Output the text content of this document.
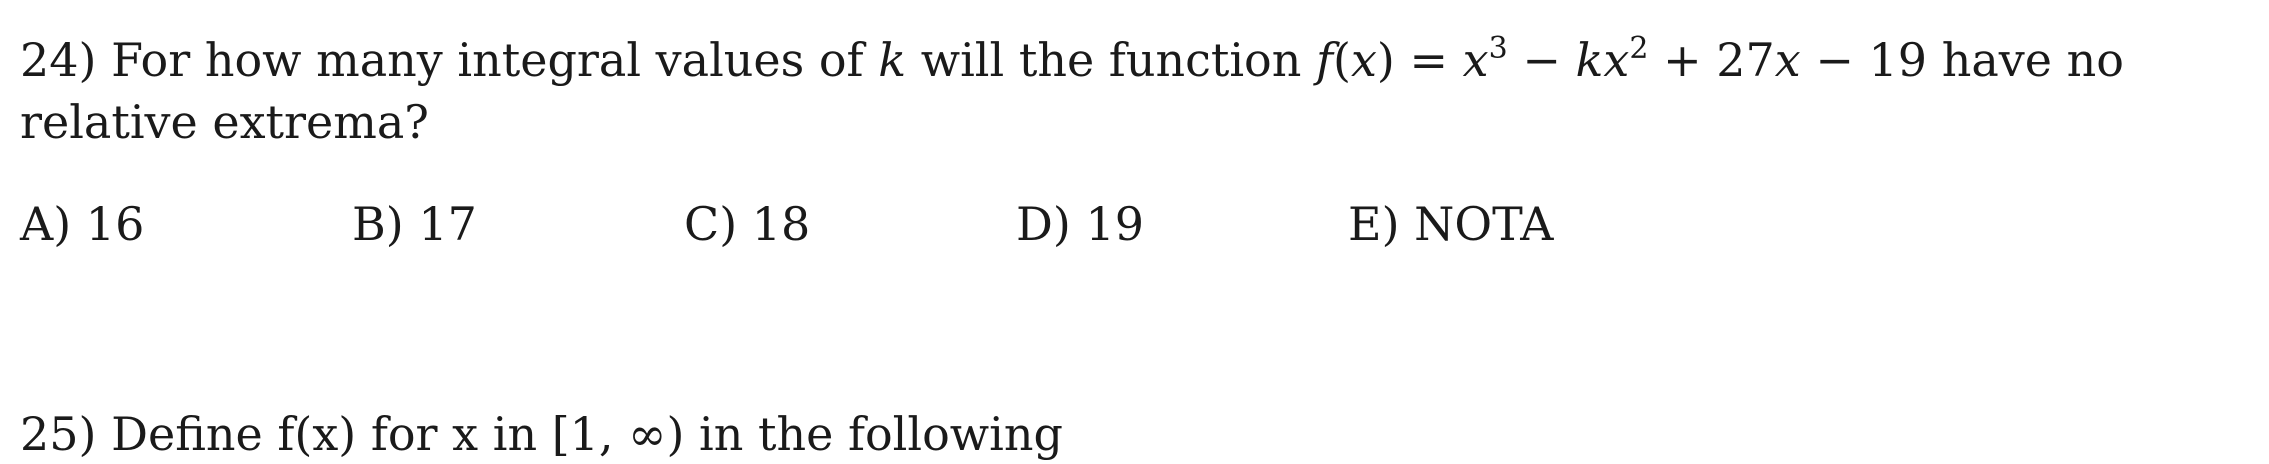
24) For how many integral values of k will the function $f(x) = x^3 - kx^2 + 27x - 19$ have no
relative extrema?
A) 16	B) 17	C) 18	D) 19	E) NOTA
25) Define f(x) for x in [1, ∞) in the following
